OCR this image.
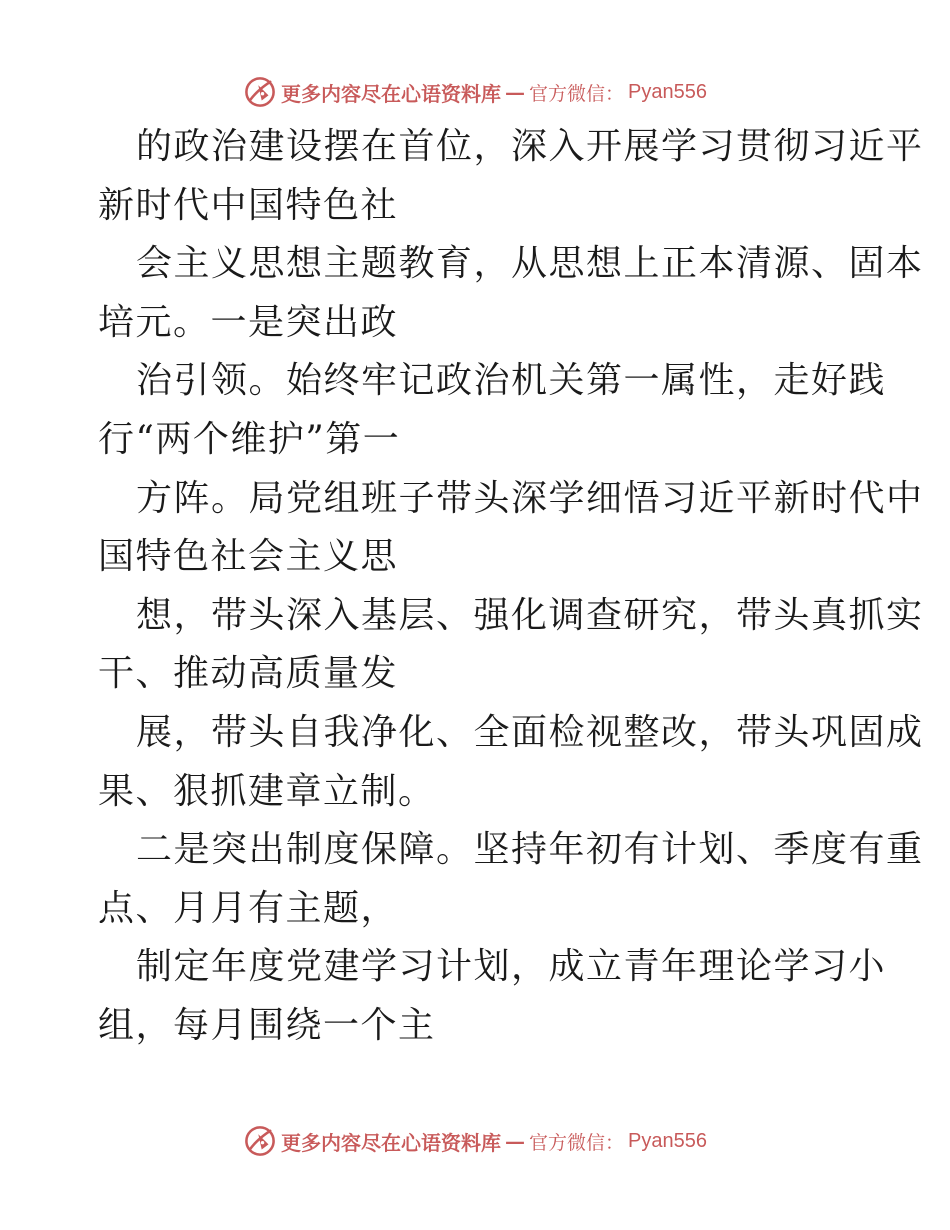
更多内容尽在心语资料库 — 官方微信： Pyan556
的政治建设摆在首位，深入开展学习贯彻习近平
新时代中国特色社
会主义思想主题教育，从思想上正本清源、固本
培元。一是突出政
治引领。始终牢记政治机关第一属性，走好践
行“两个维护”第一
方阵。局党组班子带头深学细悟习近平新时代中
国特色社会主义思
想，带头深入基层、强化调查研究，带头真抓实
干、推动高质量发
展，带头自我净化、全面检视整改，带头巩固成
果、狠抓建章立制。
二是突出制度保障。坚持年初有计划、季度有重
点、月月有主题，
制定年度党建学习计划，成立青年理论学习小
组，每月围绕一个主
更多内容尽在心语资料库 — 官方微信： Pyan556
